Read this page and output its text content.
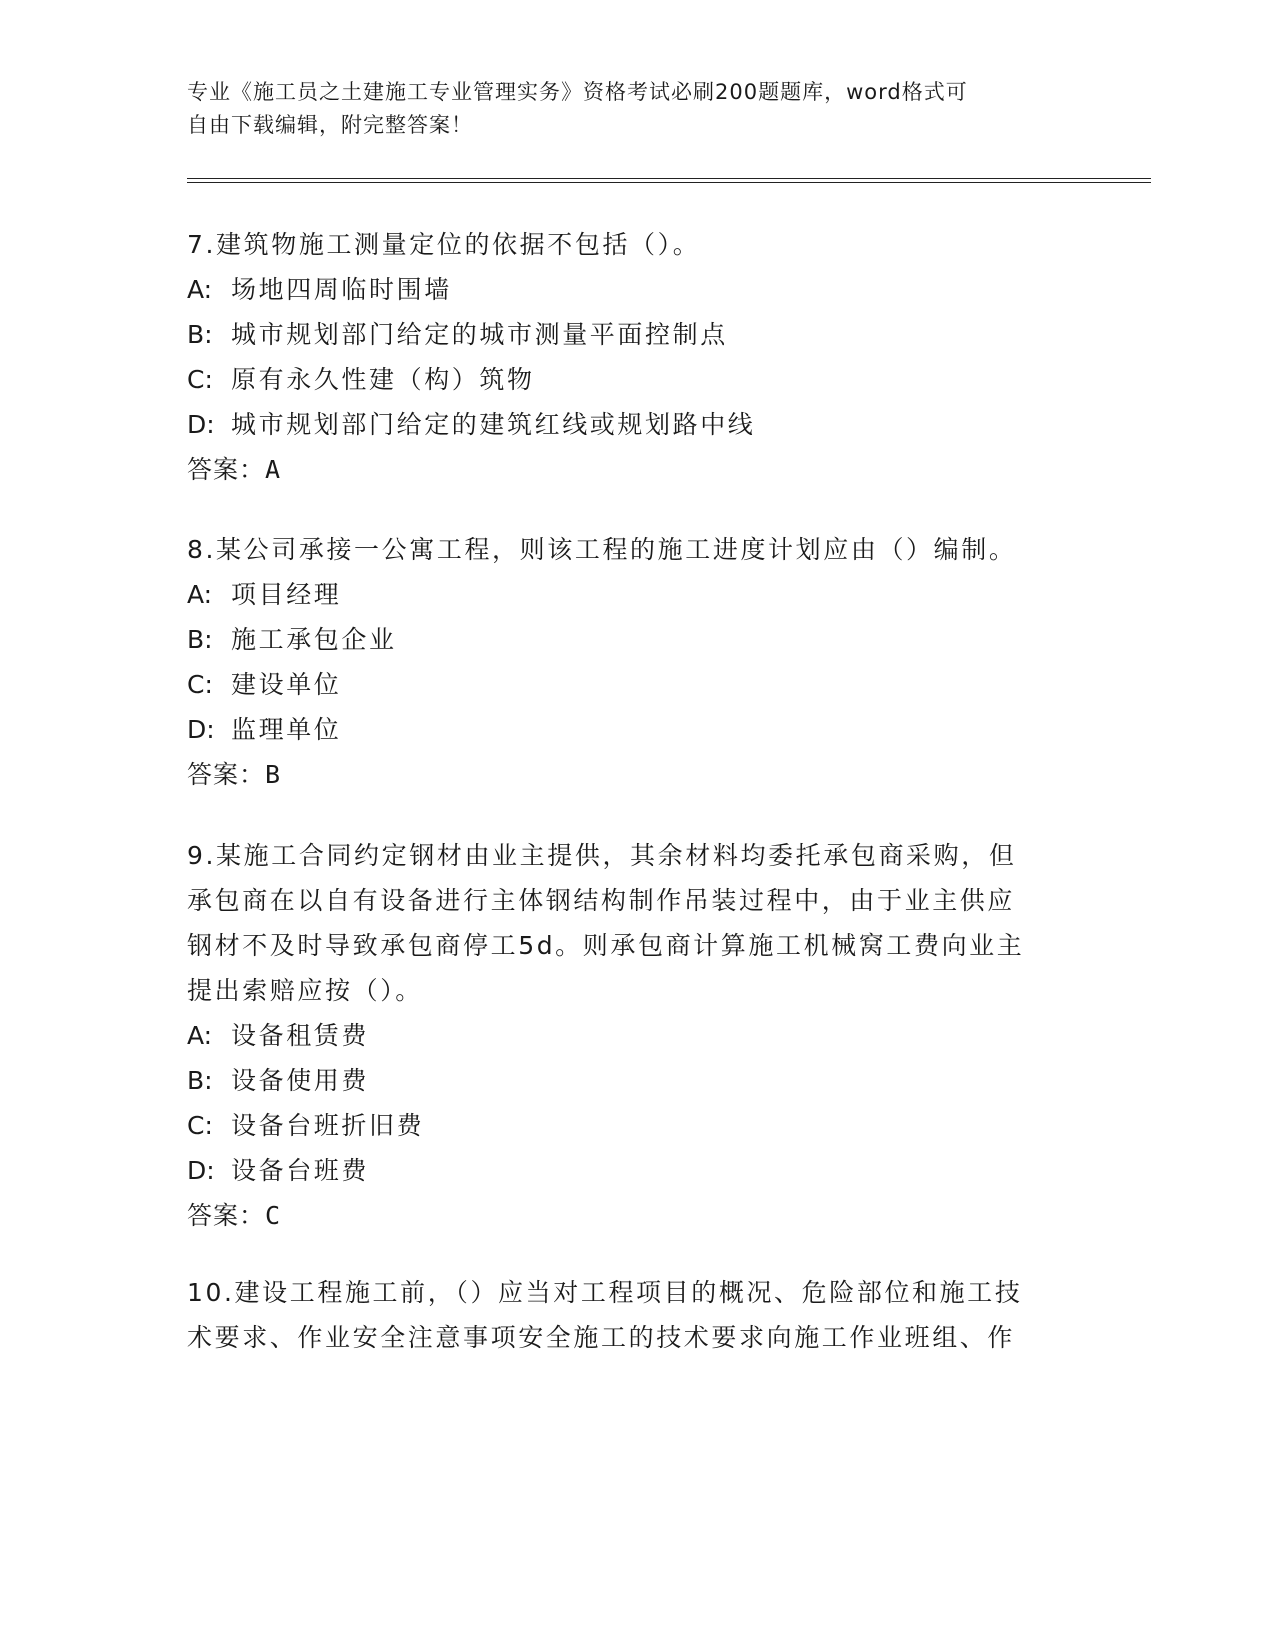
专业《施工员之土建施工专业管理实务》资格考试必刷200题题库，word格式可
自由下载编辑，附完整答案！

7.建筑物施工测量定位的依据不包括（）。

A: 场地四周临时围墙

B: 城市规划部门给定的城市测量平面控制点

C: 原有永久性建（构）筑物

D: 城市规划部门给定的建筑红线或规划路中线

答案：A

8.某公司承接一公寓工程，则该工程的施工进度计划应由（）编制。

A: 项目经理

B: 施工承包企业

C: 建设单位

D: 监理单位

答案：B

9.某施工合同约定钢材由业主提供，其余材料均委托承包商采购，但

承包商在以自有设备进行主体钢结构制作吊装过程中，由于业主供应

钢材不及时导致承包商停工5d。则承包商计算施工机械窝工费向业主

提出索赔应按（）。

A: 设备租赁费

B: 设备使用费

C: 设备台班折旧费

D: 设备台班费

答案：C

10.建设工程施工前，（）应当对工程项目的概况、危险部位和施工技

术要求、作业安全注意事项安全施工的技术要求向施工作业班组、作
